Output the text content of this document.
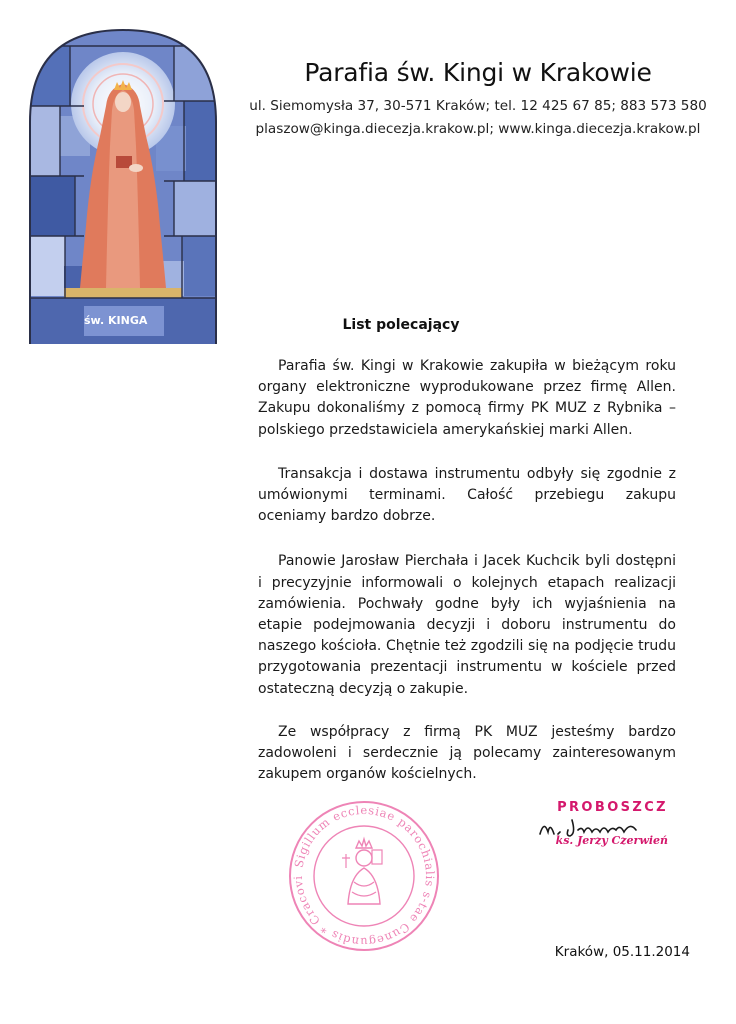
św. KINGA
Parafia św. Kingi w Krakowie
ul. Siemomysła 37, 30-571 Kraków; tel. 12 425 67 85; 883 573 580
plaszow@kinga.diecezja.krakow.pl; www.kinga.diecezja.krakow.pl
List polecający

Parafia św. Kingi w Krakowie zakupiła w bieżącym roku organy elektroniczne wyprodukowane przez firmę Allen. Zakupu dokonaliśmy z pomocą firmy PK MUZ z Rybnika – polskiego przedstawiciela amerykańskiej marki Allen.

Transakcja i dostawa instrumentu odbyły się zgodnie z umówionymi terminami. Całość przebiegu zakupu oceniamy bardzo dobrze.

Panowie Jarosław Pierchała i Jacek Kuchcik byli dostępni i precyzyjnie informowali o kolejnych etapach realizacji zamówienia. Pochwały godne były ich wyjaśnienia na etapie podejmowania decyzji i doboru instrumentu do naszego kościoła. Chętnie też zgodzili się na podjęcie trudu przygotowania prezentacji instrumentu w kościele przed ostateczną decyzją o zakupie.

Ze współpracy z firmą PK MUZ jesteśmy bardzo zadowoleni i serdecznie ją polecamy zainteresowanym zakupem organów kościelnych.

PROBOSZCZ
ks. Jerzy Czerwień
Sigillum ecclesiae parochialis s-tae Cunegundis * Cracovi
Kraków, 05.11.2014
